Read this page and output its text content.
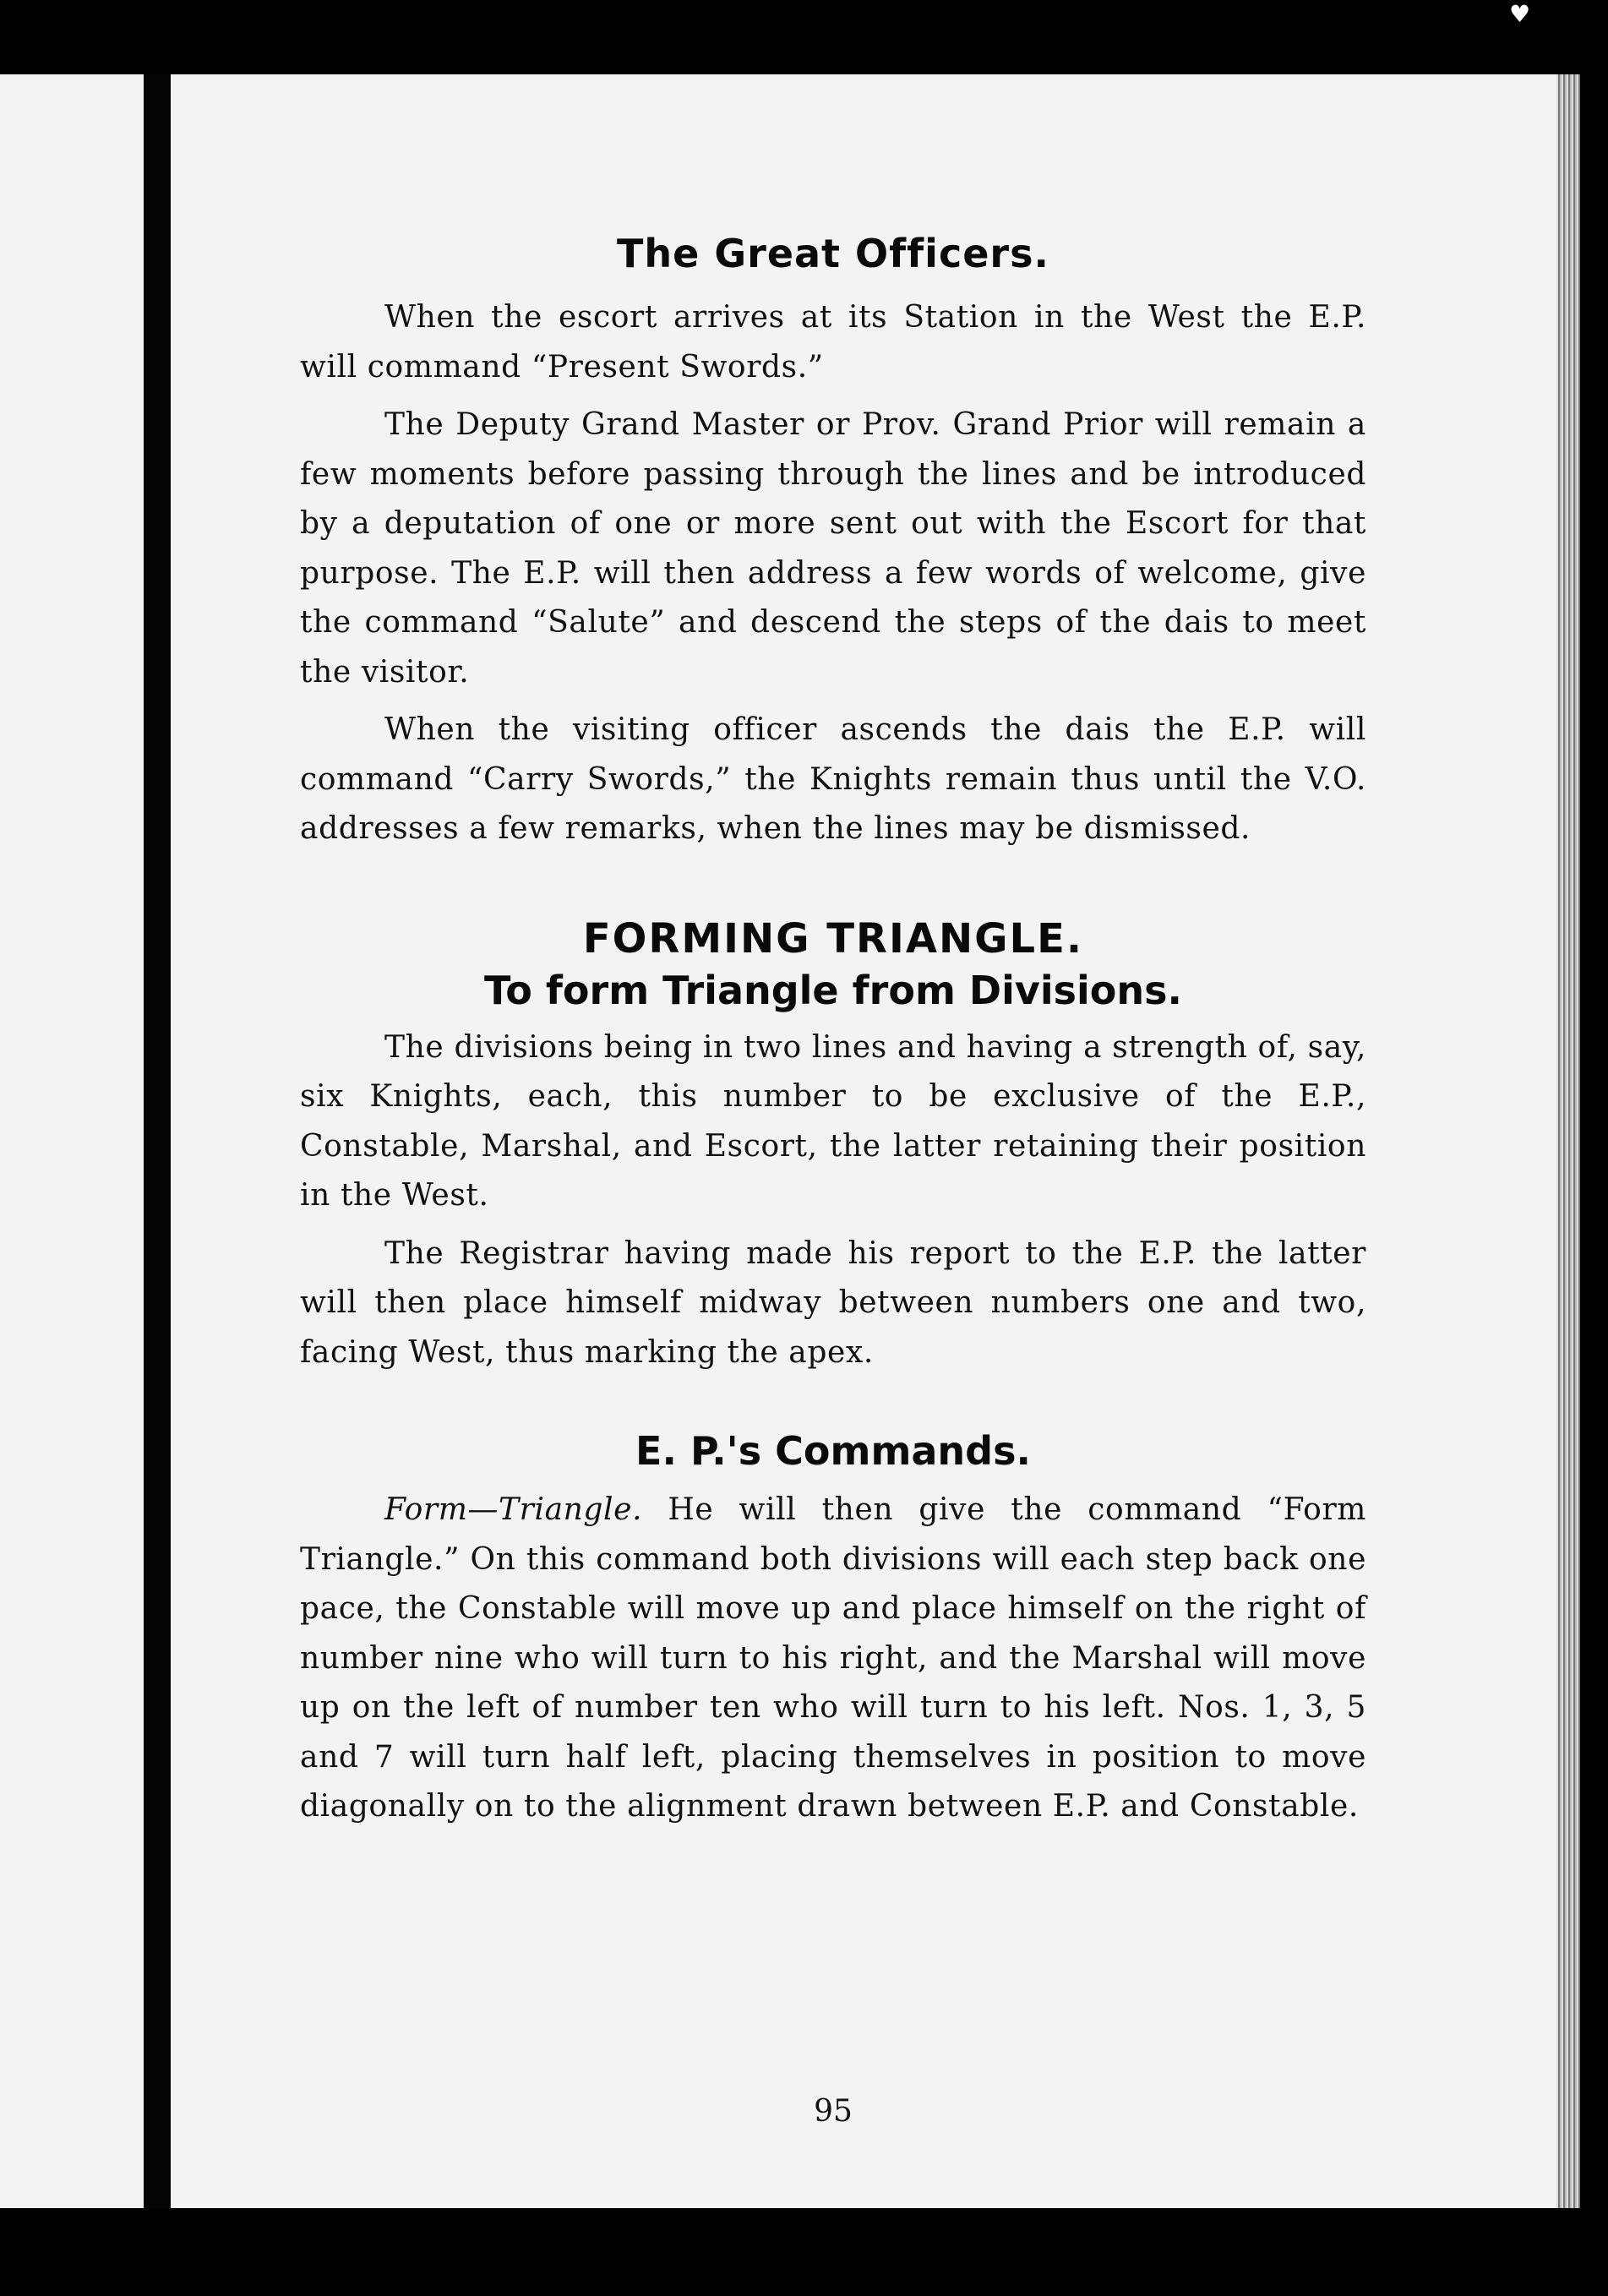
♥
The Great Officers.

When the escort arrives at its Station in the West the E.P. will command “Present Swords.”

The Deputy Grand Master or Prov. Grand Prior will remain a few moments before passing through the lines and be introduced by a deputation of one or more sent out with the Escort for that purpose. The E.P. will then address a few words of welcome, give the command “Salute” and descend the steps of the dais to meet the visitor.

When the visiting officer ascends the dais the E.P. will command “Carry Swords,” the Knights remain thus until the V.O. addresses a few remarks, when the lines may be dismissed.

FORMING TRIANGLE.
To form Triangle from Divisions.

The divisions being in two lines and having a strength of, say, six Knights, each, this number to be exclusive of the E.P., Constable, Marshal, and Escort, the latter retaining their position in the West.

The Registrar having made his report to the E.P. the latter will then place himself midway between numbers one and two, facing West, thus marking the apex.

E. P.'s Commands.

Form—Triangle. He will then give the command “Form Triangle.” On this command both divisions will each step back one pace, the Constable will move up and place himself on the right of number nine who will turn to his right, and the Marshal will move up on the left of number ten who will turn to his left. Nos. 1, 3, 5 and 7 will turn half left, placing themselves in position to move diagonally on to the alignment drawn between E.P. and Constable.

95
